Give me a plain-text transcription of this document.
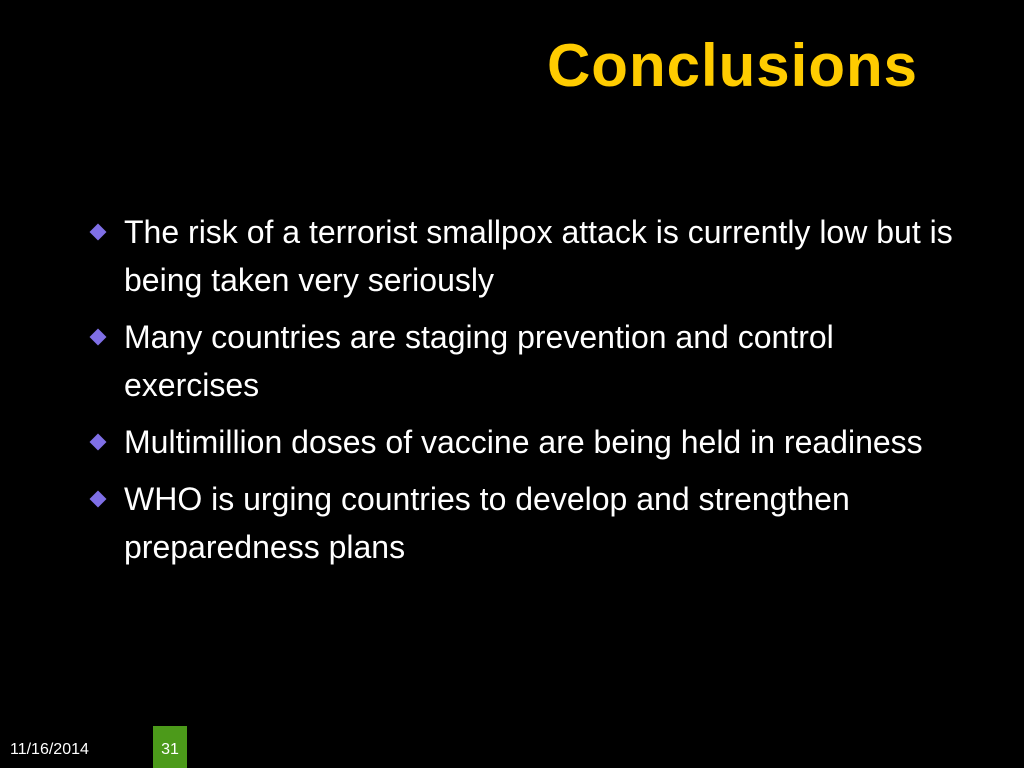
Conclusions
The risk of a terrorist smallpox attack is currently low but is being taken very seriously
Many countries are staging prevention and control exercises
Multimillion doses of vaccine are being held in readiness
WHO is urging countries to develop and strengthen preparedness plans
11/16/2014	31
